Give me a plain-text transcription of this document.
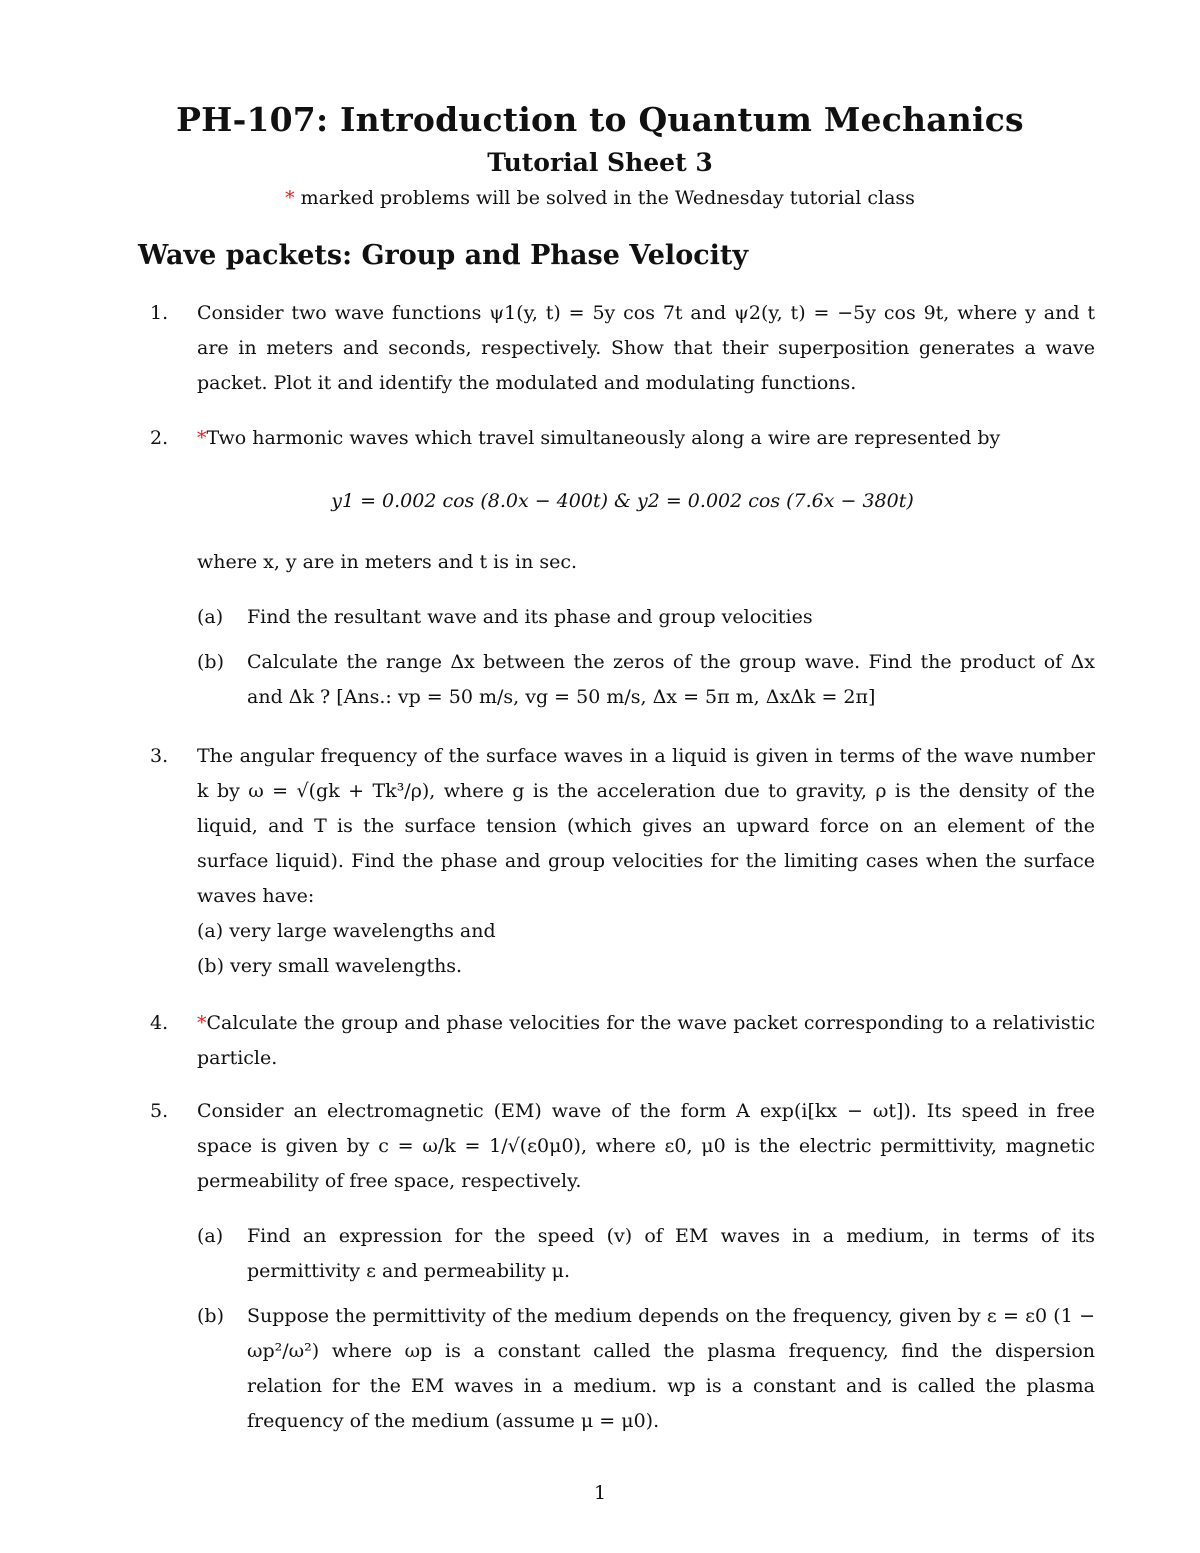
PH-107: Introduction to Quantum Mechanics
Tutorial Sheet 3
* marked problems will be solved in the Wednesday tutorial class
Wave packets: Group and Phase Velocity
1. Consider two wave functions ψ1(y, t) = 5y cos 7t and ψ2(y, t) = −5y cos 9t, where y and t are in meters and seconds, respectively. Show that their superposition generates a wave packet. Plot it and identify the modulated and modulating functions.
2. *Two harmonic waves which travel simultaneously along a wire are represented by
y1 = 0.002 cos (8.0x − 400t) & y2 = 0.002 cos (7.6x − 380t)
where x, y are in meters and t is in sec.
(a) Find the resultant wave and its phase and group velocities
(b) Calculate the range Δx between the zeros of the group wave. Find the product of Δx and Δk ? [Ans.: vp = 50 m/s, vg = 50 m/s, Δx = 5π m, ΔxΔk = 2π]
3. The angular frequency of the surface waves in a liquid is given in terms of the wave number k by ω = √(gk + Tk³/ρ), where g is the acceleration due to gravity, ρ is the density of the liquid, and T is the surface tension (which gives an upward force on an element of the surface liquid). Find the phase and group velocities for the limiting cases when the surface waves have:
(a) very large wavelengths and
(b) very small wavelengths.
4. *Calculate the group and phase velocities for the wave packet corresponding to a relativistic particle.
5. Consider an electromagnetic (EM) wave of the form A exp(i[kx − ωt]). Its speed in free space is given by c = ω/k = 1/√(ε0μ0), where ε0, μ0 is the electric permittivity, magnetic permeability of free space, respectively.
(a) Find an expression for the speed (v) of EM waves in a medium, in terms of its permittivity ε and permeability μ.
(b) Suppose the permittivity of the medium depends on the frequency, given by ε = ε0 (1 − ωp²/ω²) where ωp is a constant called the plasma frequency, find the dispersion relation for the EM waves in a medium. wp is a constant and is called the plasma frequency of the medium (assume μ = μ0).
1
